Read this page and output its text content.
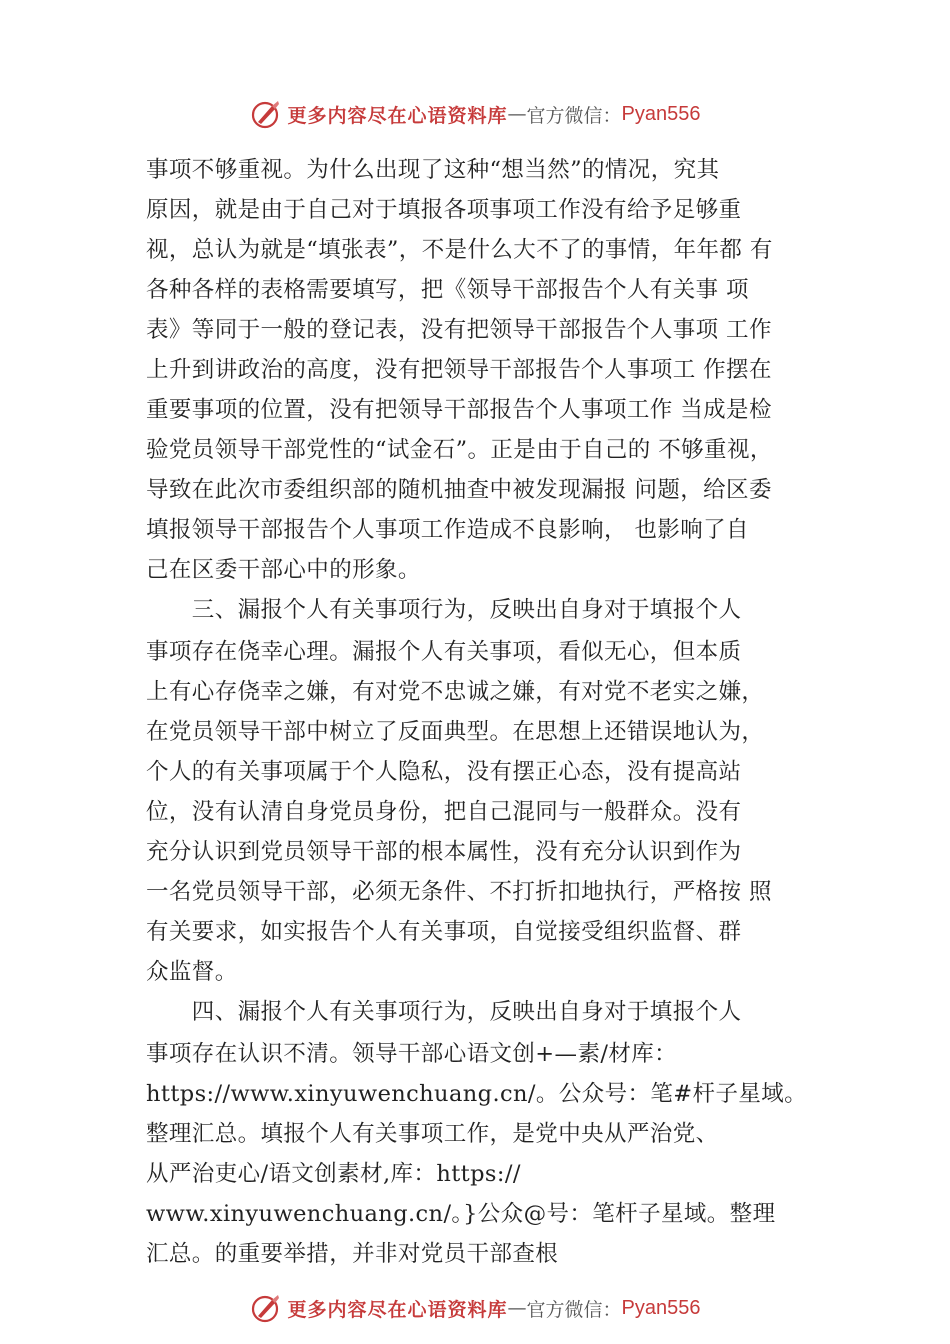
更多内容尽在心语资料库 — 官方微信： Pyan556
事项不够重视。为什么出现了这种“想当然”的情况，究其
原因，就是由于自己对于填报各项事项工作没有给予足够重
视，总认为就是“填张表”，不是什么大不了的事情，年年都 有
各种各样的表格需要填写，把《领导干部报告个人有关事 项
表》等同于一般的登记表，没有把领导干部报告个人事项 工作
上升到讲政治的高度，没有把领导干部报告个人事项工 作摆在
重要事项的位置，没有把领导干部报告个人事项工作 当成是检
验党员领导干部党性的“试金石”。正是由于自己的 不够重视，
导致在此次市委组织部的随机抽查中被发现漏报 问题，给区委
填报领导干部报告个人事项工作造成不良影响， 也影响了自
己在区委干部心中的形象。
　　三、漏报个人有关事项行为，反映出自身对于填报个人
事项存在侥幸心理。漏报个人有关事项，看似无心，但本质
上有心存侥幸之嫌，有对党不忠诚之嫌，有对党不老实之嫌，
在党员领导干部中树立了反面典型。在思想上还错误地认为，
个人的有关事项属于个人隐私，没有摆正心态，没有提高站
位，没有认清自身党员身份，把自己混同与一般群众。没有
充分认识到党员领导干部的根本属性，没有充分认识到作为
一名党员领导干部，必须无条件、不打折扣地执行，严格按 照
有关要求，如实报告个人有关事项，自觉接受组织监督、群
众监督。
　　四、漏报个人有关事项行为，反映出自身对于填报个人
事项存在认识不清。领导干部心语文创+—素/材库：
https://www.xinyuwenchuang.cn/。公众号：笔#杆子星域。
整理汇总。填报个人有关事项工作，是党中央从严治党、
从严治吏心/语文创素材,库：https://
www.xinyuwenchuang.cn/。}公众@号：笔杆子星域。整理
汇总。的重要举措，并非对党员干部查根
更多内容尽在心语资料库 — 官方微信： Pyan556
